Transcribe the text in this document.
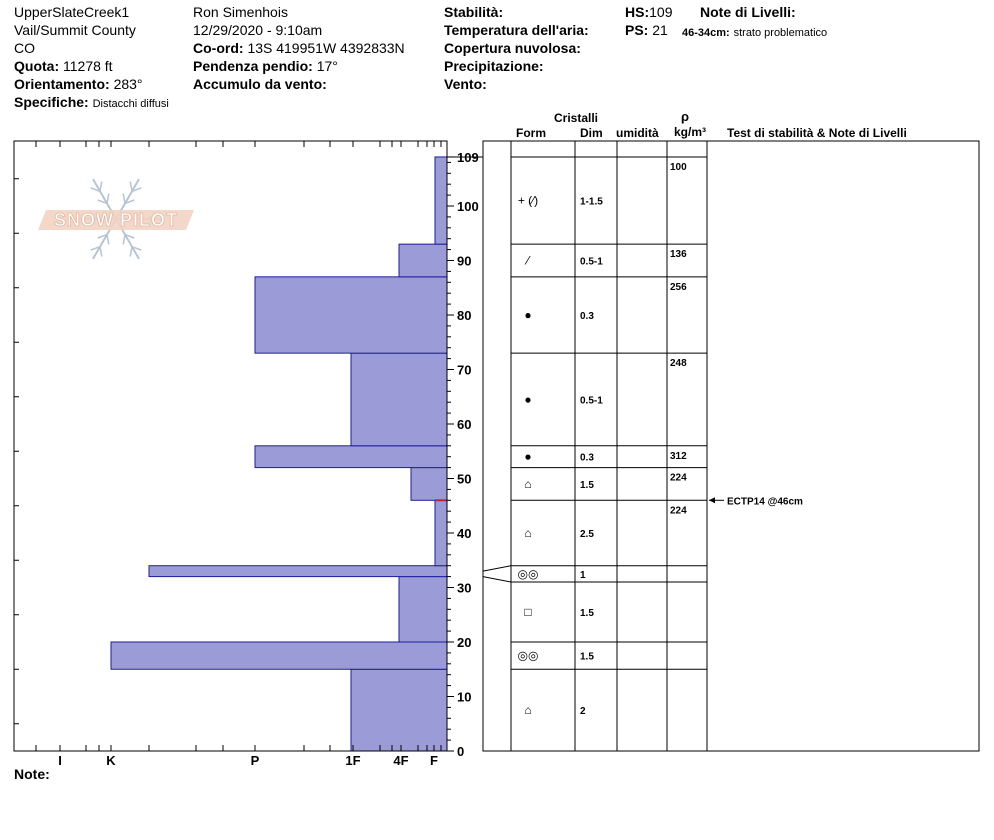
UpperSlateCreek1
Vail/Summit County
CO
Quota: 11278 ft
Orientamento: 283°
Specifiche: Distacchi diffusi
Ron Simenhois
12/29/2020 - 9:10am
Co-ord: 13S 419951W 4392833N
Pendenza pendio: 17°
Accumulo da vento:
Stabilità:
Temperatura dell'aria:
Copertura nuvolosa:
Precipitazione:
Vento:
HS:109
PS: 21
Note di Livelli:
46-34cm: strato problematico
Cristalli
Form	Dim umidità
ρ
kg/m³ Test di stabilità & Note di Livelli
SNOW PILOT
0
10
20
30
40
50
60
70
80
90
100
109
I	K	P	1F	4F F
+ (⁄)	1-1.5
100
⁄	0.5-1
136
●	0.3
256
●	0.5-1
248
●	0.3	312
⌂	1.5
224
⌂	2.5
224
◎◎	1
□	1.5
◎◎	1.5
⌂	2
ECTP14 @46cm
Note:
